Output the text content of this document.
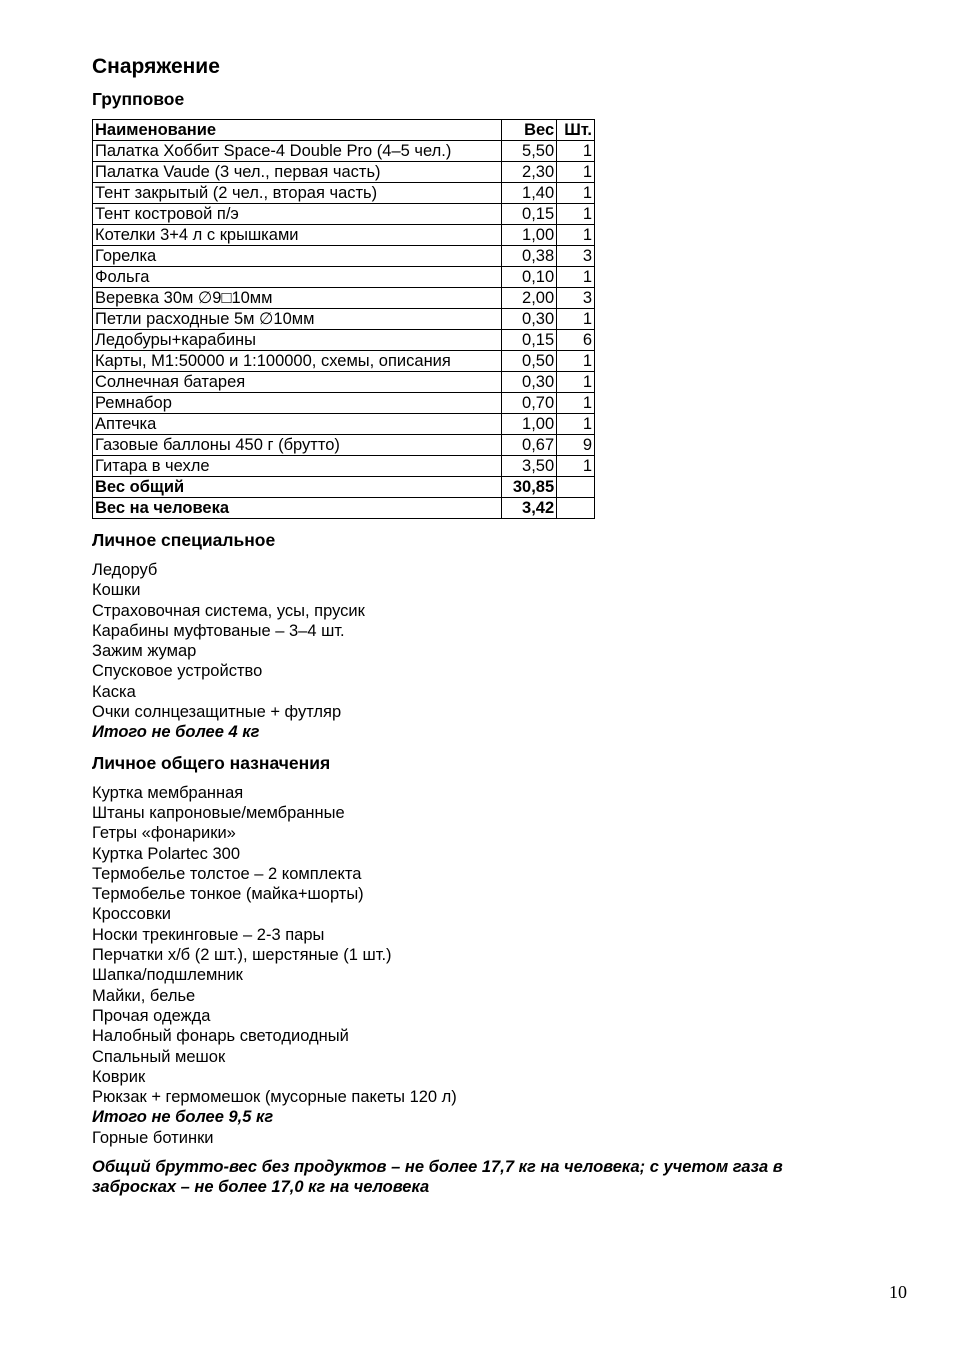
Снаряжение
Групповое
Наименование	Вес	Шт.
Палатка Хоббит Space-4 Double Pro (4–5 чел.)	5,50	1
Палатка Vaude (3 чел., первая часть)	2,30	1
Тент закрытый (2 чел., вторая часть)	1,40	1
Тент костровой п/э	0,15	1
Котелки 3+4 л с крышками	1,00	1
Горелка	0,38	3
Фольга	0,10	1
Веревка 30м ∅9□10мм	2,00	3
Петли расходные 5м ∅10мм	0,30	1
Ледобуры+карабины	0,15	6
Карты, М1:50000 и 1:100000, схемы, описания	0,50	1
Солнечная батарея	0,30	1
Ремнабор	0,70	1
Аптечка	1,00	1
Газовые баллоны 450 г (брутто)	0,67	9
Гитара в чехле	3,50	1
Вес общий	30,85	
Вес на человека	3,42	
Личное специальное
Ледоруб
Кошки
Страховочная система, усы, прусик
Карабины муфтованые – 3–4 шт.
Зажим жумар
Спусковое устройство
Каска
Очки солнцезащитные + футляр
Итого не более 4 кг
Личное общего назначения
Куртка мембранная
Штаны капроновые/мембранные
Гетры «фонарики»
Куртка Polartec 300
Термобелье толстое – 2 комплекта
Термобелье тонкое (майка+шорты)
Кроссовки
Носки трекинговые – 2-3 пары
Перчатки х/б (2 шт.), шерстяные (1 шт.)
Шапка/подшлемник
Майки, белье
Прочая одежда
Налобный фонарь светодиодный
Спальный мешок
Коврик
Рюкзак + гермомешок (мусорные пакеты 120 л)
Итого не более 9,5 кг
Горные ботинки
Общий брутто-вес без продуктов – не более 17,7 кг на человека; с учетом газа в забросках – не более 17,0 кг на человека
10
